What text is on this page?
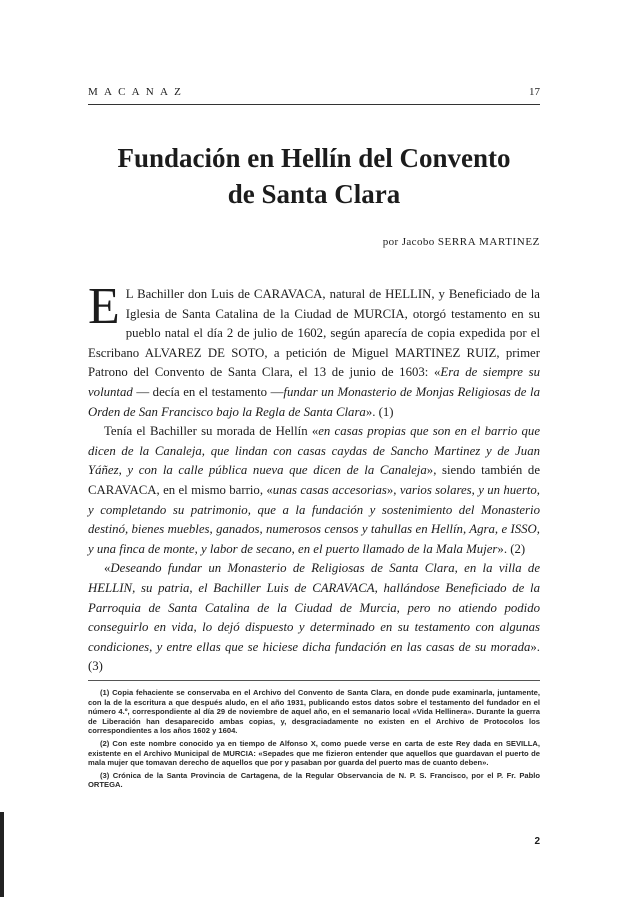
MACANAZ	17
Fundación en Hellín del Convento
de Santa Clara
por Jacobo SERRA MARTINEZ

E L Bachiller don Luis de CARAVACA, natural de HELLIN, y Beneficiado de la Iglesia de Santa Catalina de la Ciudad de MURCIA, otorgó testamento en su pueblo natal el día 2 de julio de 1602, según aparecía de copia expedida por el Escribano ALVAREZ DE SOTO, a petición de Miguel MARTINEZ RUIZ, primer Patrono del Convento de Santa Clara, el 13 de junio de 1603: «Era de siempre su voluntad — decía en el testamento —fundar un Monasterio de Monjas Religiosas de la Orden de San Francisco bajo la Regla de Santa Clara». (1)

Tenía el Bachiller su morada de Hellín «en casas propias que son en el barrio que dicen de la Canaleja, que lindan con casas caydas de Sancho Martinez y de Juan Yáñez, y con la calle pública nueva que dicen de la Canaleja», siendo también de CARAVACA, en el mismo barrio, «unas casas accesorias», varios solares, y un huerto, y completando su patrimonio, que a la fundación y sostenimiento del Monasterio destinó, bienes muebles, ganados, numerosos censos y tahullas en Hellín, Agra, e ISSO, y una finca de monte, y labor de secano, en el puerto llamado de la Mala Mujer». (2)

«Deseando fundar un Monasterio de Religiosas de Santa Clara, en la villa de HELLIN, su patria, el Bachiller Luis de CARAVACA, hallándose Beneficiado de la Parroquia de Santa Catalina de la Ciudad de Murcia, pero no atiendo podido conseguirlo en vida, lo dejó dispuesto y determinado en su testamento con algunas condiciones, y entre ellas que se hiciese dicha fundación en las casas de su morada». (3)

(1) Copia fehaciente se conservaba en el Archivo del Convento de Santa Clara, en donde pude examinarla, juntamente, con la de la escritura a que después aludo, en el año 1931, publicando estos datos sobre el testamento del fundador en el número 4.º, correspondiente al día 29 de noviembre de aquel año, en el semanario local «Vida Hellinera». Durante la guerra de Liberación han desaparecido ambas copias, y, desgraciadamente no existen en el Archivo de Protocolos los correspondientes a los años 1602 y 1604.

(2) Con este nombre conocido ya en tiempo de Alfonso X, como puede verse en carta de este Rey dada en SEVILLA, existente en el Archivo Municipal de MURCIA: «Sepades que me fizieron entender que aquellos que guardavan el puerto de mala mujer que tomavan derecho de aquellos que por y pasaban por guarda del puerto mas de cuanto deben».

(3) Crónica de la Santa Provincia de Cartagena, de la Regular Observancia de N. P. S. Francisco, por el P. Fr. Pablo ORTEGA.

2
